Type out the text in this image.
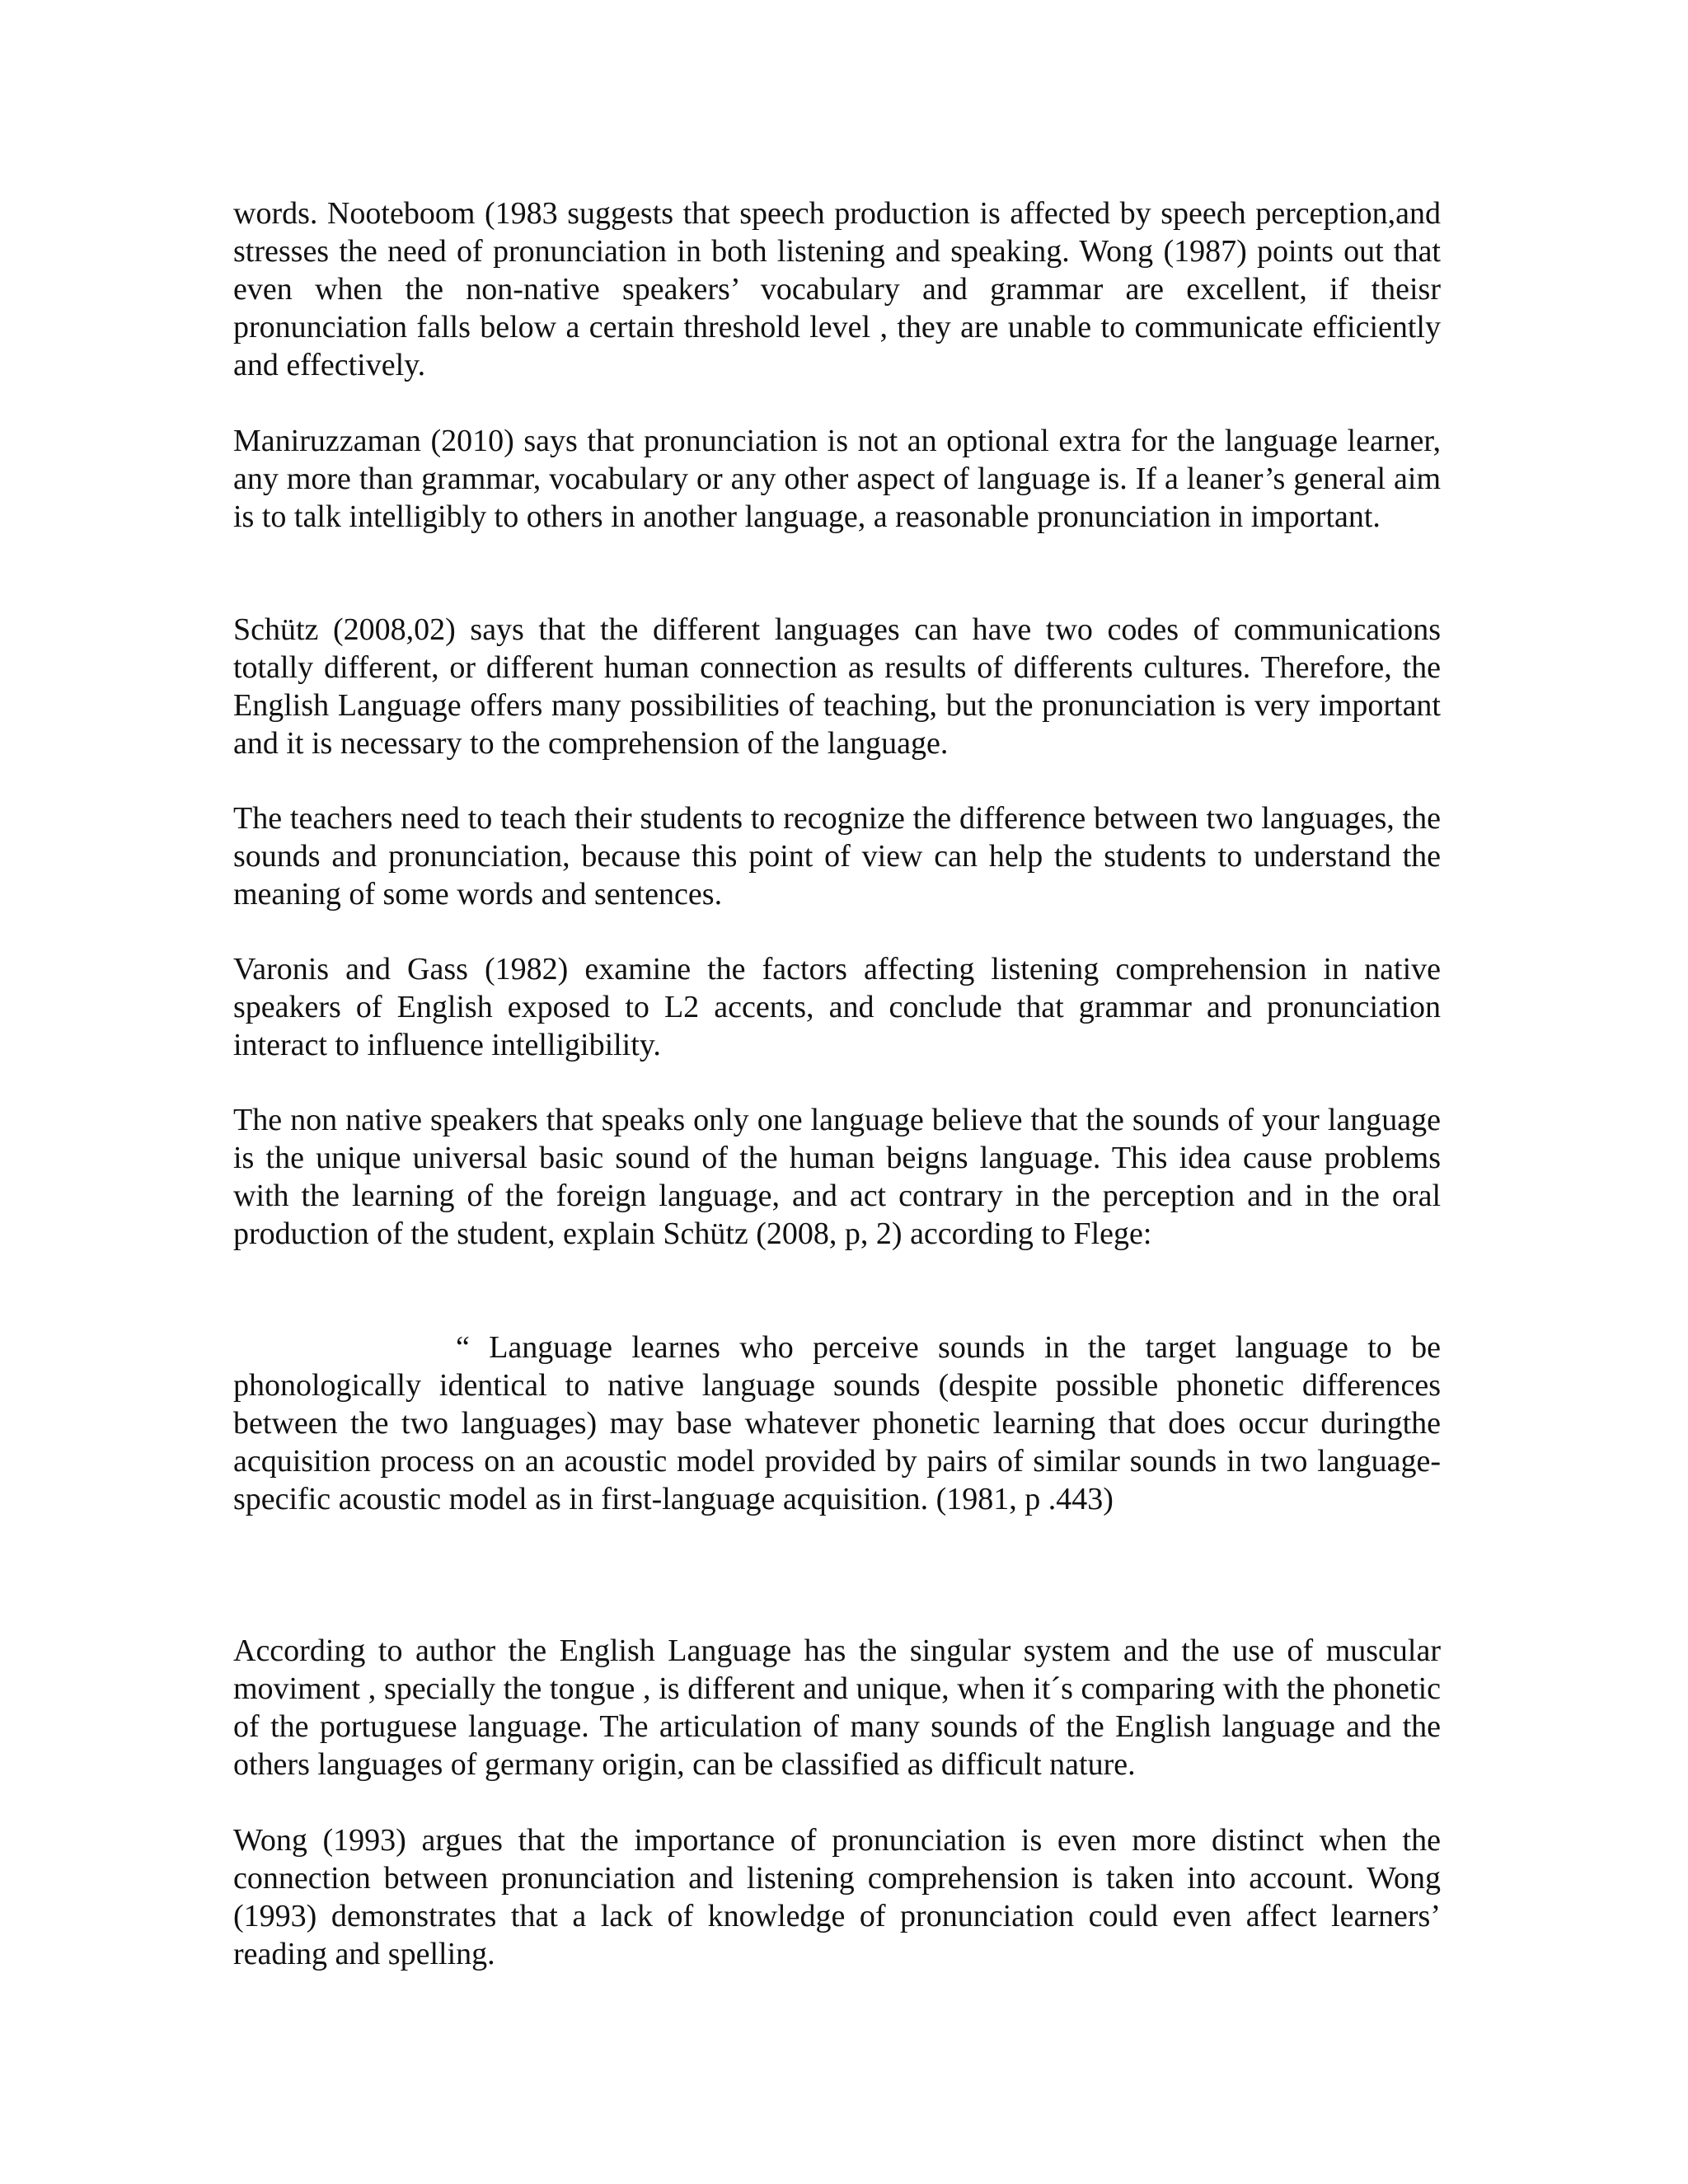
words. Nooteboom (1983 suggests that speech production is affected by speech perception,and stresses the need of pronunciation in both listening and speaking. Wong (1987) points out that even when the non-native speakers’ vocabulary and grammar are excellent, if theisr pronunciation falls below a certain threshold level , they are unable to communicate efficiently and effectively.

Maniruzzaman (2010) says that pronunciation is not an optional extra for the language learner, any more than grammar, vocabulary or any other aspect of language is. If a leaner’s general aim is to talk intelligibly to others in another language, a reasonable pronunciation in important.

Schütz (2008,02) says that the different languages can have two codes of communications totally different, or different human connection as results of differents cultures. Therefore, the English Language offers many possibilities of teaching, but the pronunciation is very important and it is necessary to the comprehension of the language.

The teachers need to teach their students to recognize the difference between two languages, the sounds and pronunciation, because this point of view can help the students to understand the meaning of some words and sentences.

Varonis and Gass (1982) examine the factors affecting listening comprehension in native speakers of English exposed to L2 accents, and conclude that grammar and pronunciation interact to influence intelligibility.

The non native speakers that speaks only one language believe that the sounds of your language is the unique universal basic sound of the human beigns language. This idea cause problems with the learning of the foreign language, and act contrary in the perception and in the oral production of the student, explain Schütz (2008, p, 2) according to Flege:

“ Language learnes who perceive sounds in the target language to be phonologically identical to native language sounds (despite possible phonetic differences between the two languages) may base whatever phonetic learning that does occur duringthe acquisition process on an acoustic model provided by pairs of similar sounds in two language-specific acoustic model as in first-language acquisition. (1981, p .443)

According to author the English Language has the singular system and the use of muscular moviment , specially the tongue , is different and unique, when it´s comparing with the phonetic of the portuguese language. The articulation of many sounds of the English language and the others languages of germany origin, can be classified as difficult nature.

Wong (1993) argues that the importance of pronunciation is even more distinct when the connection between pronunciation and listening comprehension is taken into account. Wong (1993) demonstrates that a lack of knowledge of pronunciation could even affect learners’ reading and spelling.
